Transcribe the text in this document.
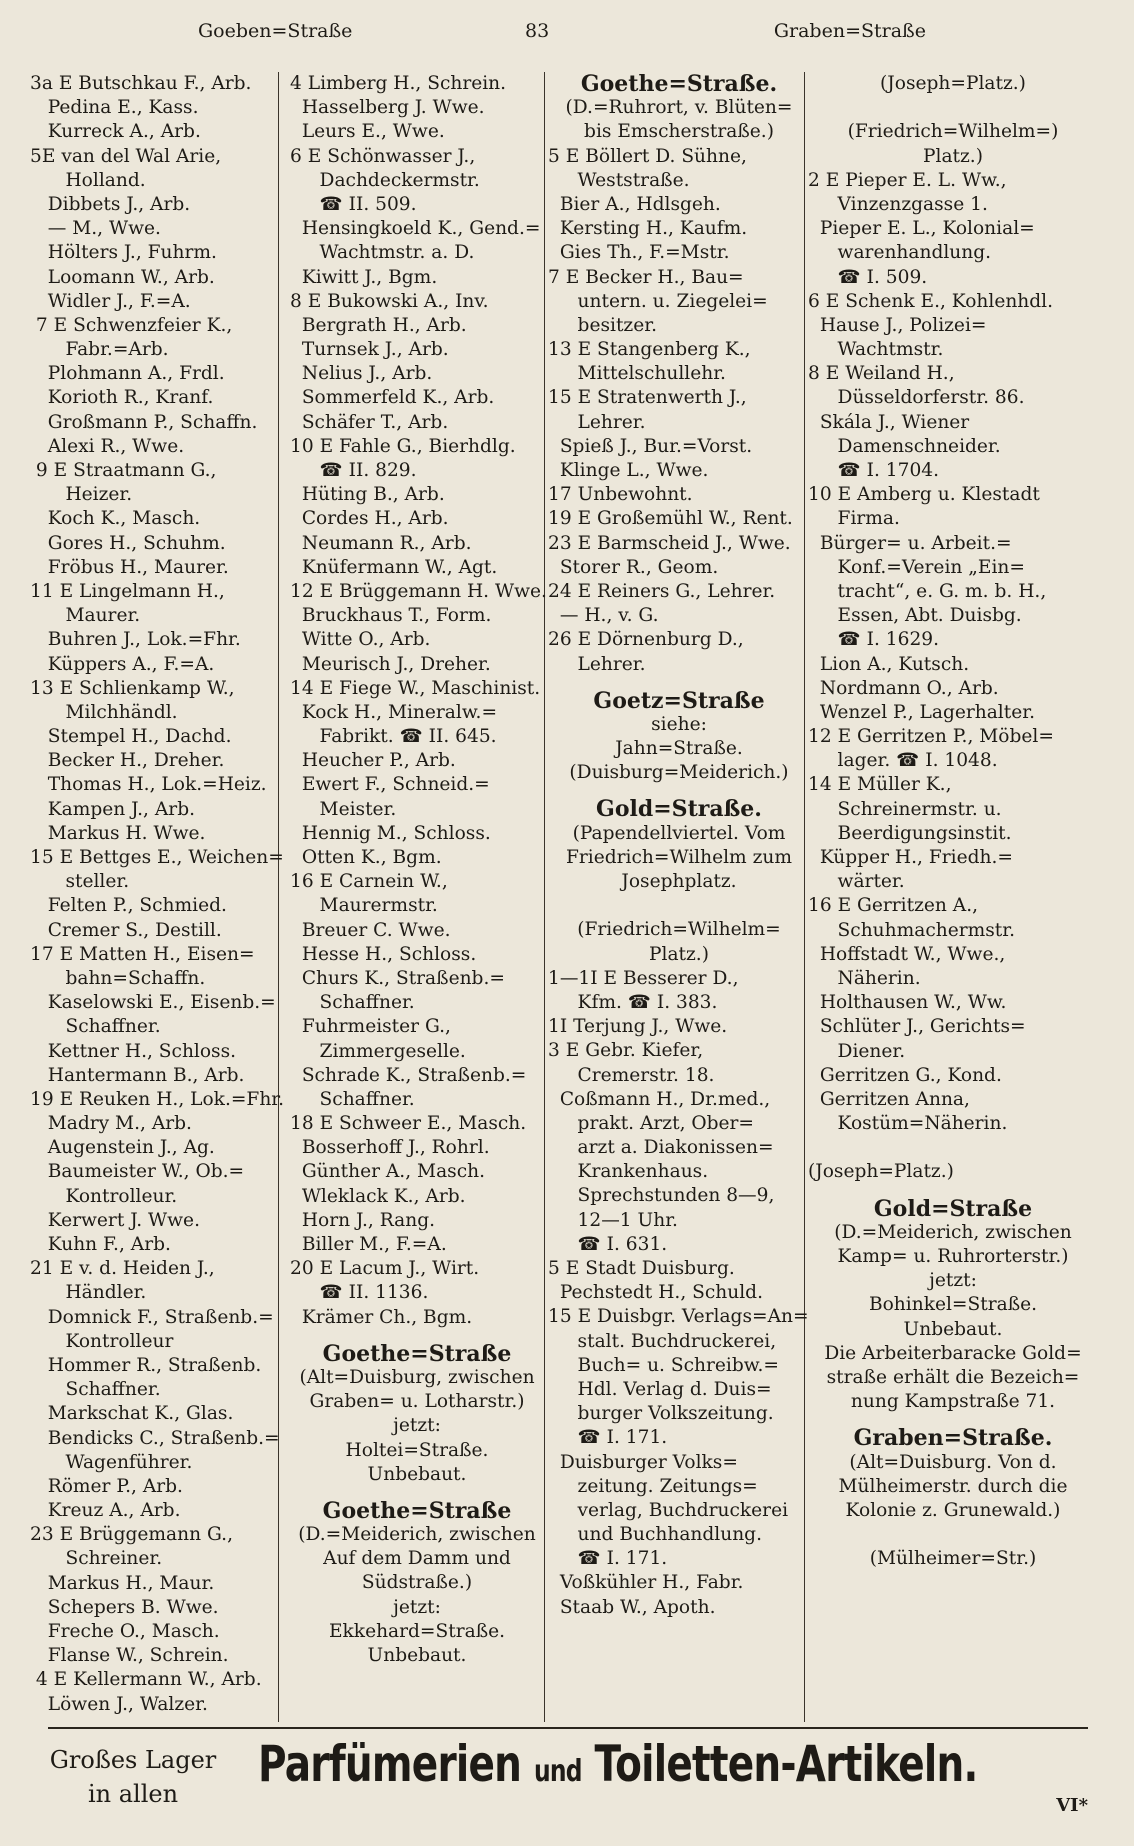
Goeben=Straße	83	Graben=Straße
3a E Butschkau F., Arb.
Pedina E., Kass.
Kurreck A., Arb.
5E van del Wal Arie,
Holland.
Dibbets J., Arb.
— M., Wwe.
Hölters J., Fuhrm.
Loomann W., Arb.
Widler J., F.=A.
7 E Schwenzfeier K.,
Fabr.=Arb.
Plohmann A., Frdl.
Korioth R., Kranf.
Großmann P., Schaffn.
Alexi R., Wwe.
9 E Straatmann G.,
Heizer.
Koch K., Masch.
Gores H., Schuhm.
Fröbus H., Maurer.
11 E Lingelmann H.,
Maurer.
Buhren J., Lok.=Fhr.
Küppers A., F.=A.
13 E Schlienkamp W.,
Milchhändl.
Stempel H., Dachd.
Becker H., Dreher.
Thomas H., Lok.=Heiz.
Kampen J., Arb.
Markus H. Wwe.
15 E Bettges E., Weichen=
steller.
Felten P., Schmied.
Cremer S., Destill.
17 E Matten H., Eisen=
bahn=Schaffn.
Kaselowski E., Eisenb.=
Schaffner.
Kettner H., Schloss.
Hantermann B., Arb.
19 E Reuken H., Lok.=Fhr.
Madry M., Arb.
Augenstein J., Ag.
Baumeister W., Ob.=
Kontrolleur.
Kerwert J. Wwe.
Kuhn F., Arb.
21 E v. d. Heiden J.,
Händler.
Domnick F., Straßenb.=
Kontrolleur
Hommer R., Straßenb.
Schaffner.
Markschat K., Glas.
Bendicks C., Straßenb.=
Wagenführer.
Römer P., Arb.
Kreuz A., Arb.
23 E Brüggemann G.,
Schreiner.
Markus H., Maur.
Schepers B. Wwe.
Freche O., Masch.
Flanse W., Schrein.
4 E Kellermann W., Arb.
Löwen J., Walzer.
4 Limberg H., Schrein.
Hasselberg J. Wwe.
Leurs E., Wwe.
6 E Schönwasser J.,
Dachdeckermstr.
☎ II. 509.
Hensingkoeld K., Gend.=
Wachtmstr. a. D.
Kiwitt J., Bgm.
8 E Bukowski A., Inv.
Bergrath H., Arb.
Turnsek J., Arb.
Nelius J., Arb.
Sommerfeld K., Arb.
Schäfer T., Arb.
10 E Fahle G., Bierhdlg.
☎ II. 829.
Hüting B., Arb.
Cordes H., Arb.
Neumann R., Arb.
Knüfermann W., Agt.
12 E Brüggemann H. Wwe.
Bruckhaus T., Form.
Witte O., Arb.
Meurisch J., Dreher.
14 E Fiege W., Maschinist.
Kock H., Mineralw.=
Fabrikt. ☎ II. 645.
Heucher P., Arb.
Ewert F., Schneid.=
Meister.
Hennig M., Schloss.
Otten K., Bgm.
16 E Carnein W.,
Maurermstr.
Breuer C. Wwe.
Hesse H., Schloss.
Churs K., Straßenb.=
Schaffner.
Fuhrmeister G.,
Zimmergeselle.
Schrade K., Straßenb.=
Schaffner.
18 E Schweer E., Masch.
Bosserhoff J., Rohrl.
Günther A., Masch.
Wleklack K., Arb.
Horn J., Rang.
Biller M., F.=A.
20 E Lacum J., Wirt.
☎ II. 1136.
Krämer Ch., Bgm.
Goethe=Straße
(Alt=Duisburg, zwischen
Graben= u. Lotharstr.)
jetzt:
Holtei=Straße.
Unbebaut.
Goethe=Straße
(D.=Meiderich, zwischen
Auf dem Damm und
Südstraße.)
jetzt:
Ekkehard=Straße.
Unbebaut.
Goethe=Straße.
(D.=Ruhrort, v. Blüten=
bis Emscherstraße.)
5 E Böllert D. Sühne,
Weststraße.
Bier A., Hdlsgeh.
Kersting H., Kaufm.
Gies Th., F.=Mstr.
7 E Becker H., Bau=
untern. u. Ziegelei=
besitzer.
13 E Stangenberg K.,
Mittelschullehr.
15 E Stratenwerth J.,
Lehrer.
Spieß J., Bur.=Vorst.
Klinge L., Wwe.
17 Unbewohnt.
19 E Großemühl W., Rent.
23 E Barmscheid J., Wwe.
Storer R., Geom.
24 E Reiners G., Lehrer.
— H., v. G.
26 E Dörnenburg D.,
Lehrer.
Goetz=Straße
siehe:
Jahn=Straße.
(Duisburg=Meiderich.)
Gold=Straße.
(Papendellviertel. Vom
Friedrich=Wilhelm zum
Josephplatz.
(Friedrich=Wilhelm=
Platz.)
1—1I E Besserer D.,
Kfm. ☎ I. 383.
1I Terjung J., Wwe.
3 E Gebr. Kiefer,
Cremerstr. 18.
Coßmann H., Dr.med.,
prakt. Arzt, Ober=
arzt a. Diakonissen=
Krankenhaus.
Sprechstunden 8—9,
12—1 Uhr.
☎ I. 631.
5 E Stadt Duisburg.
Pechstedt H., Schuld.
15 E Duisbgr. Verlags=An=
stalt. Buchdruckerei,
Buch= u. Schreibw.=
Hdl. Verlag d. Duis=
burger Volkszeitung.
☎ I. 171.
Duisburger Volks=
zeitung. Zeitungs=
verlag, Buchdruckerei
und Buchhandlung.
☎ I. 171.
Voßkühler H., Fabr.
Staab W., Apoth.
(Joseph=Platz.)
(Friedrich=Wilhelm=)
Platz.)
2 E Pieper E. L. Ww.,
Vinzenzgasse 1.
Pieper E. L., Kolonial=
warenhandlung.
☎ I. 509.
6 E Schenk E., Kohlenhdl.
Hause J., Polizei=
Wachtmstr.
8 E Weiland H.,
Düsseldorferstr. 86.
Skála J., Wiener
Damenschneider.
☎ I. 1704.
10 E Amberg u. Klestadt
Firma.
Bürger= u. Arbeit.=
Konf.=Verein „Ein=
tracht“, e. G. m. b. H.,
Essen, Abt. Duisbg.
☎ I. 1629.
Lion A., Kutsch.
Nordmann O., Arb.
Wenzel P., Lagerhalter.
12 E Gerritzen P., Möbel=
lager. ☎ I. 1048.
14 E Müller K.,
Schreinermstr. u.
Beerdigungsinstit.
Küpper H., Friedh.=
wärter.
16 E Gerritzen A.,
Schuhmachermstr.
Hoffstadt W., Wwe.,
Näherin.
Holthausen W., Ww.
Schlüter J., Gerichts=
Diener.
Gerritzen G., Kond.
Gerritzen Anna,
Kostüm=Näherin.
(Joseph=Platz.)
Gold=Straße
(D.=Meiderich, zwischen
Kamp= u. Ruhrorterstr.)
jetzt:
Bohinkel=Straße.
Unbebaut.
Die Arbeiterbaracke Gold=
straße erhält die Bezeich=
nung Kampstraße 71.
Graben=Straße.
(Alt=Duisburg. Von d.
Mülheimerstr. durch die
Kolonie z. Grunewald.)
(Mülheimer=Str.)
Großes Lager
in allen
Parfümerien und Toiletten-Artikeln.
VI*
